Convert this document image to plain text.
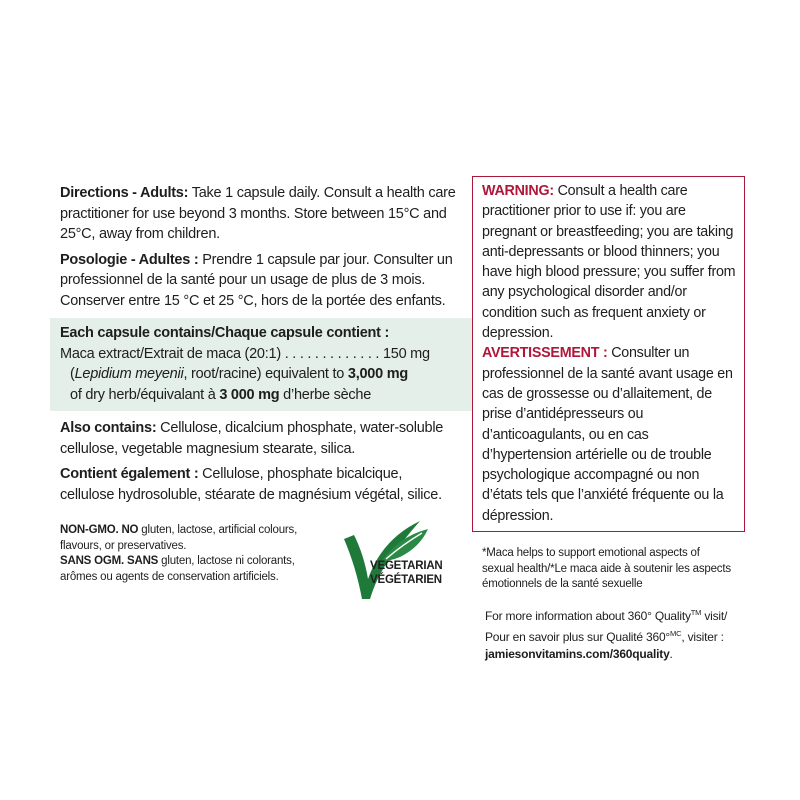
Directions - Adults: Take 1 capsule daily. Consult a health care practitioner for use beyond 3 months. Store between 15°C and 25°C, away from children.

Posologie - Adultes : Prendre 1 capsule par jour. Consulter un professionnel de la santé pour un usage de plus de 3 mois. Conserver entre 15 °C et 25 °C, hors de la portée des enfants.

Each capsule contains/Chaque capsule contient :

Maca extract/Extrait de maca (20:1) . . . . . . . . . . . . . 150 mg

(Lepidium meyenii, root/racine) equivalent to 3,000 mg

of dry herb/équivalant à 3 000 mg d’herbe sèche

Also contains: Cellulose, dicalcium phosphate, water-soluble cellulose, vegetable magnesium stearate, silica.

Contient également : Cellulose, phosphate bicalcique, cellulose hydrosoluble, stéarate de magnésium végétal, silice.

NON-GMO. NO gluten, lactose, artificial colours, flavours, or preservatives.

SANS OGM. SANS gluten, lactose ni colorants, arômes ou agents de conservation artificiels.

VEGETARIAN
VÉGÉTARIEN

WARNING: Consult a health care practitioner prior to use if: you are pregnant or breastfeeding; you are taking anti-depressants or blood thinners; you have high blood pressure; you suffer from any psychological disorder and/or condition such as frequent anxiety or depression.

AVERTISSEMENT : Consulter un professionnel de la santé avant usage en cas de grossesse ou d’allaitement, de prise d’antidépresseurs ou d’anticoagulants, ou en cas d’hypertension artérielle ou de trouble psychologique accompagné ou non d’états tels que l’anxiété fréquente ou la dépression.

*Maca helps to support emotional aspects of sexual health/*Le maca aide à soutenir les aspects émotionnels de la santé sexuelle

For more information about 360° Quality™ visit/

Pour en savoir plus sur Qualité 360°$^{MC}$, visiter :

jamiesonvitamins.com/360quality.
